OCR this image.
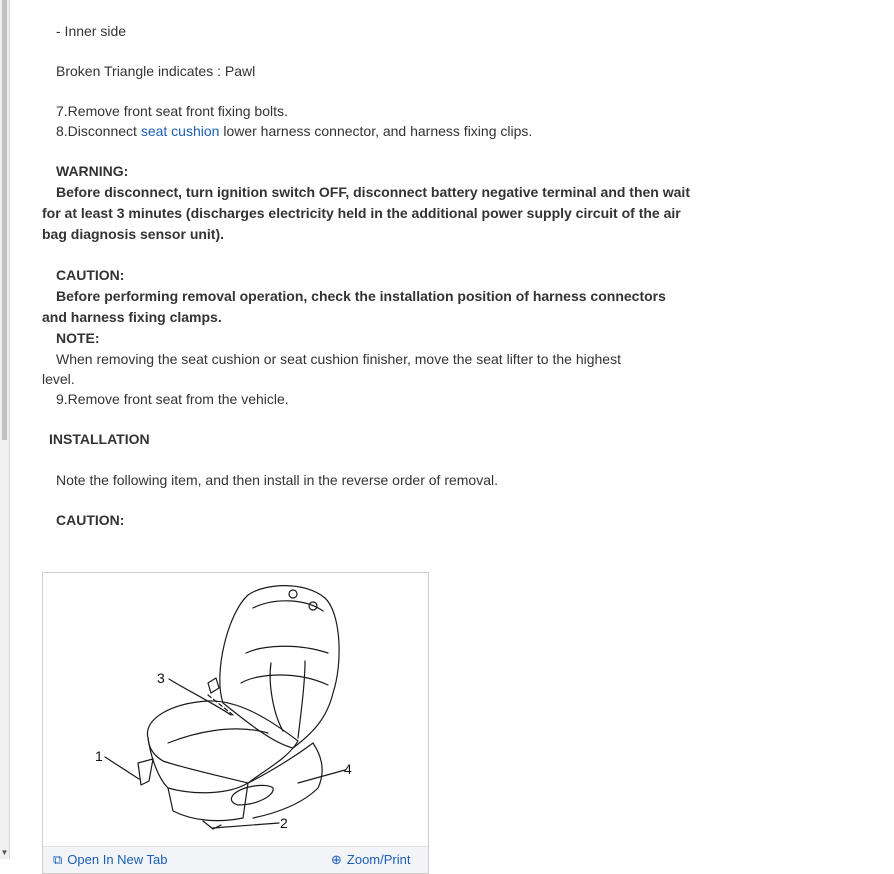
▼
- Inner side
Broken Triangle indicates : Pawl
7.Remove front seat front fixing bolts.
8.Disconnect seat cushion lower harness connector, and harness fixing clips.
WARNING:
Before disconnect, turn ignition switch OFF, disconnect battery negative terminal and then wait
for at least 3 minutes (discharges electricity held in the additional power supply circuit of the air
bag diagnosis sensor unit).
CAUTION:
Before performing removal operation, check the installation position of harness connectors
and harness fixing clamps.
NOTE:
When removing the seat cushion or seat cushion finisher, move the seat lifter to the highest
level.
9.Remove front seat from the vehicle.
INSTALLATION
Note the following item, and then install in the reverse order of removal.
CAUTION:
1
2
3
4
⧉ Open In New Tab	⊕ Zoom/Print
